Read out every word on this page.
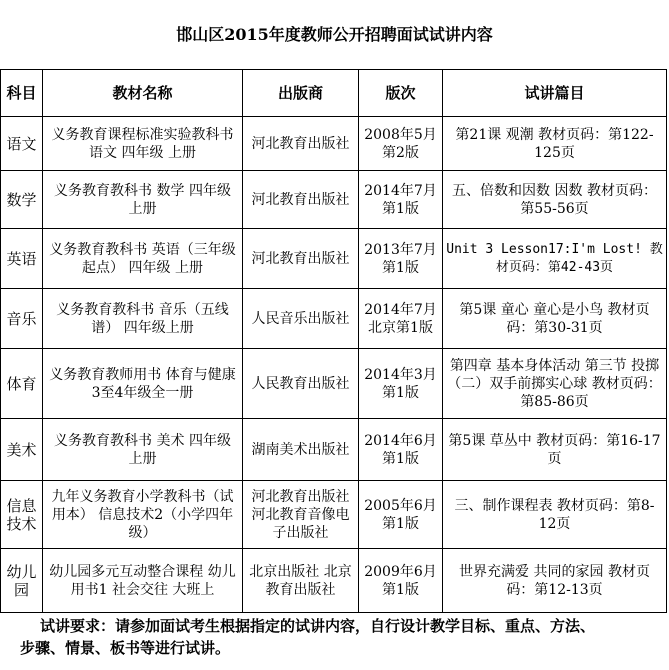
邯山区2015年度教师公开招聘面试试讲内容
科目	教材名称	出版商	版次	试讲篇目
语文	义务教育课程标准实验教科书 语文 四年级 上册	河北教育出版社	2008年5月第2版	第21课 观潮 教材页码：第122-125页
数学	义务教育教科书 数学 四年级 上册	河北教育出版社	2014年7月第1版	五、倍数和因数 因数 教材页码：第55-56页
英语	义务教育教科书 英语（三年级起点） 四年级 上册	河北教育出版社	2013年7月第1版	Unit 3 Lesson17:I'm Lost! 教材页码：第42-43页
音乐	义务教育教科书 音乐（五线谱） 四年级上册	人民音乐出版社	2014年7月北京第1版	第5课 童心 童心是小鸟 教材页码：第30-31页
体育	义务教育教师用书 体育与健康 3至4年级全一册	人民教育出版社	2014年3月第1版	第四章 基本身体活动 第三节 投掷 （二）双手前掷实心球 教材页码：第85-86页
美术	义务教育教科书 美术 四年级 上册	湖南美术出版社	2014年6月第1版	第5课 草丛中 教材页码：第16-17页
信息技术	九年义务教育小学教科书（试用本） 信息技术2（小学四年级）	河北教育出版社 河北教育音像电子出版社	2005年6月第1版	三、制作课程表 教材页码：第8-12页
幼儿园	幼儿园多元互动整合课程 幼儿用书1 社会交往 大班上	北京出版社 北京教育出版社	2009年6月第1版	世界充满爱 共同的家园 教材页码：第12-13页
试讲要求：请参加面试考生根据指定的试讲内容，自行设计教学目标、重点、方法、
步骤、情景、板书等进行试讲。
